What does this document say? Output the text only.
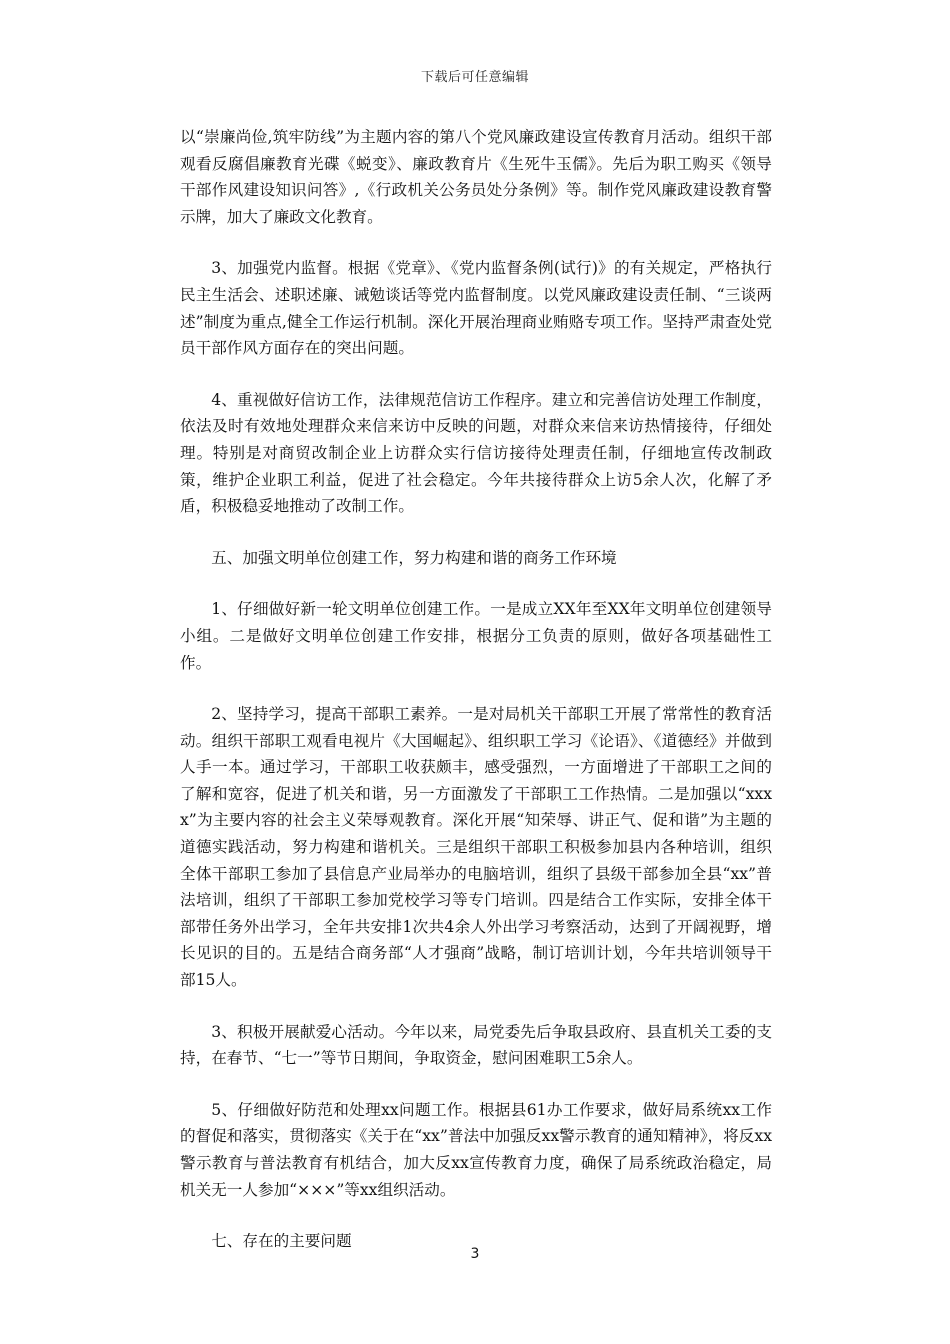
下载后可任意编辑

以“崇廉尚俭,筑牢防线”为主题内容的第八个党风廉政建设宣传教育月活动。组织干部观看反腐倡廉教育光碟《蜕变》、廉政教育片《生死牛玉儒》。先后为职工购买《领导干部作风建设知识问答》,《行政机关公务员处分条例》等。制作党风廉政建设教育警示牌，加大了廉政文化教育。

3、加强党内监督。根据《党章》、《党内监督条例(试行)》的有关规定，严格执行民主生活会、述职述廉、诫勉谈话等党内监督制度。以党风廉政建设责任制、“三谈两述”制度为重点,健全工作运行机制。深化开展治理商业贿赂专项工作。坚持严肃查处党员干部作风方面存在的突出问题。

4、重视做好信访工作，法律规范信访工作程序。建立和完善信访处理工作制度，依法及时有效地处理群众来信来访中反映的问题，对群众来信来访热情接待，仔细处理。特别是对商贸改制企业上访群众实行信访接待处理责任制，仔细地宣传改制政策，维护企业职工利益，促进了社会稳定。今年共接待群众上访5余人次，化解了矛盾，积极稳妥地推动了改制工作。

五、加强文明单位创建工作，努力构建和谐的商务工作环境

1、仔细做好新一轮文明单位创建工作。一是成立XX年至XX年文明单位创建领导小组。二是做好文明单位创建工作安排，根据分工负责的原则，做好各项基础性工作。

2、坚持学习，提高干部职工素养。一是对局机关干部职工开展了常常性的教育活动。组织干部职工观看电视片《大国崛起》、组织职工学习《论语》、《道德经》并做到人手一本。通过学习，干部职工收获颇丰，感受强烈，一方面增进了干部职工之间的了解和宽容，促进了机关和谐，另一方面激发了干部职工工作热情。二是加强以“xxxx”为主要内容的社会主义荣辱观教育。深化开展“知荣辱、讲正气、促和谐”为主题的道德实践活动，努力构建和谐机关。三是组织干部职工积极参加县内各种培训，组织全体干部职工参加了县信息产业局举办的电脑培训，组织了县级干部参加全县“xx”普法培训，组织了干部职工参加党校学习等专门培训。四是结合工作实际，安排全体干部带任务外出学习，全年共安排1次共4余人外出学习考察活动，达到了开阔视野，增长见识的目的。五是结合商务部“人才强商”战略，制订培训计划，今年共培训领导干部15人。

3、积极开展献爱心活动。今年以来，局党委先后争取县政府、县直机关工委的支持，在春节、“七一”等节日期间，争取资金，慰问困难职工5余人。

5、仔细做好防范和处理xx问题工作。根据县61办工作要求，做好局系统xx工作的督促和落实，贯彻落实《关于在“xx”普法中加强反xx警示教育的通知精神》，将反xx警示教育与普法教育有机结合，加大反xx宣传教育力度，确保了局系统政治稳定，局机关无一人参加“×××”等xx组织活动。

七、存在的主要问题

3
